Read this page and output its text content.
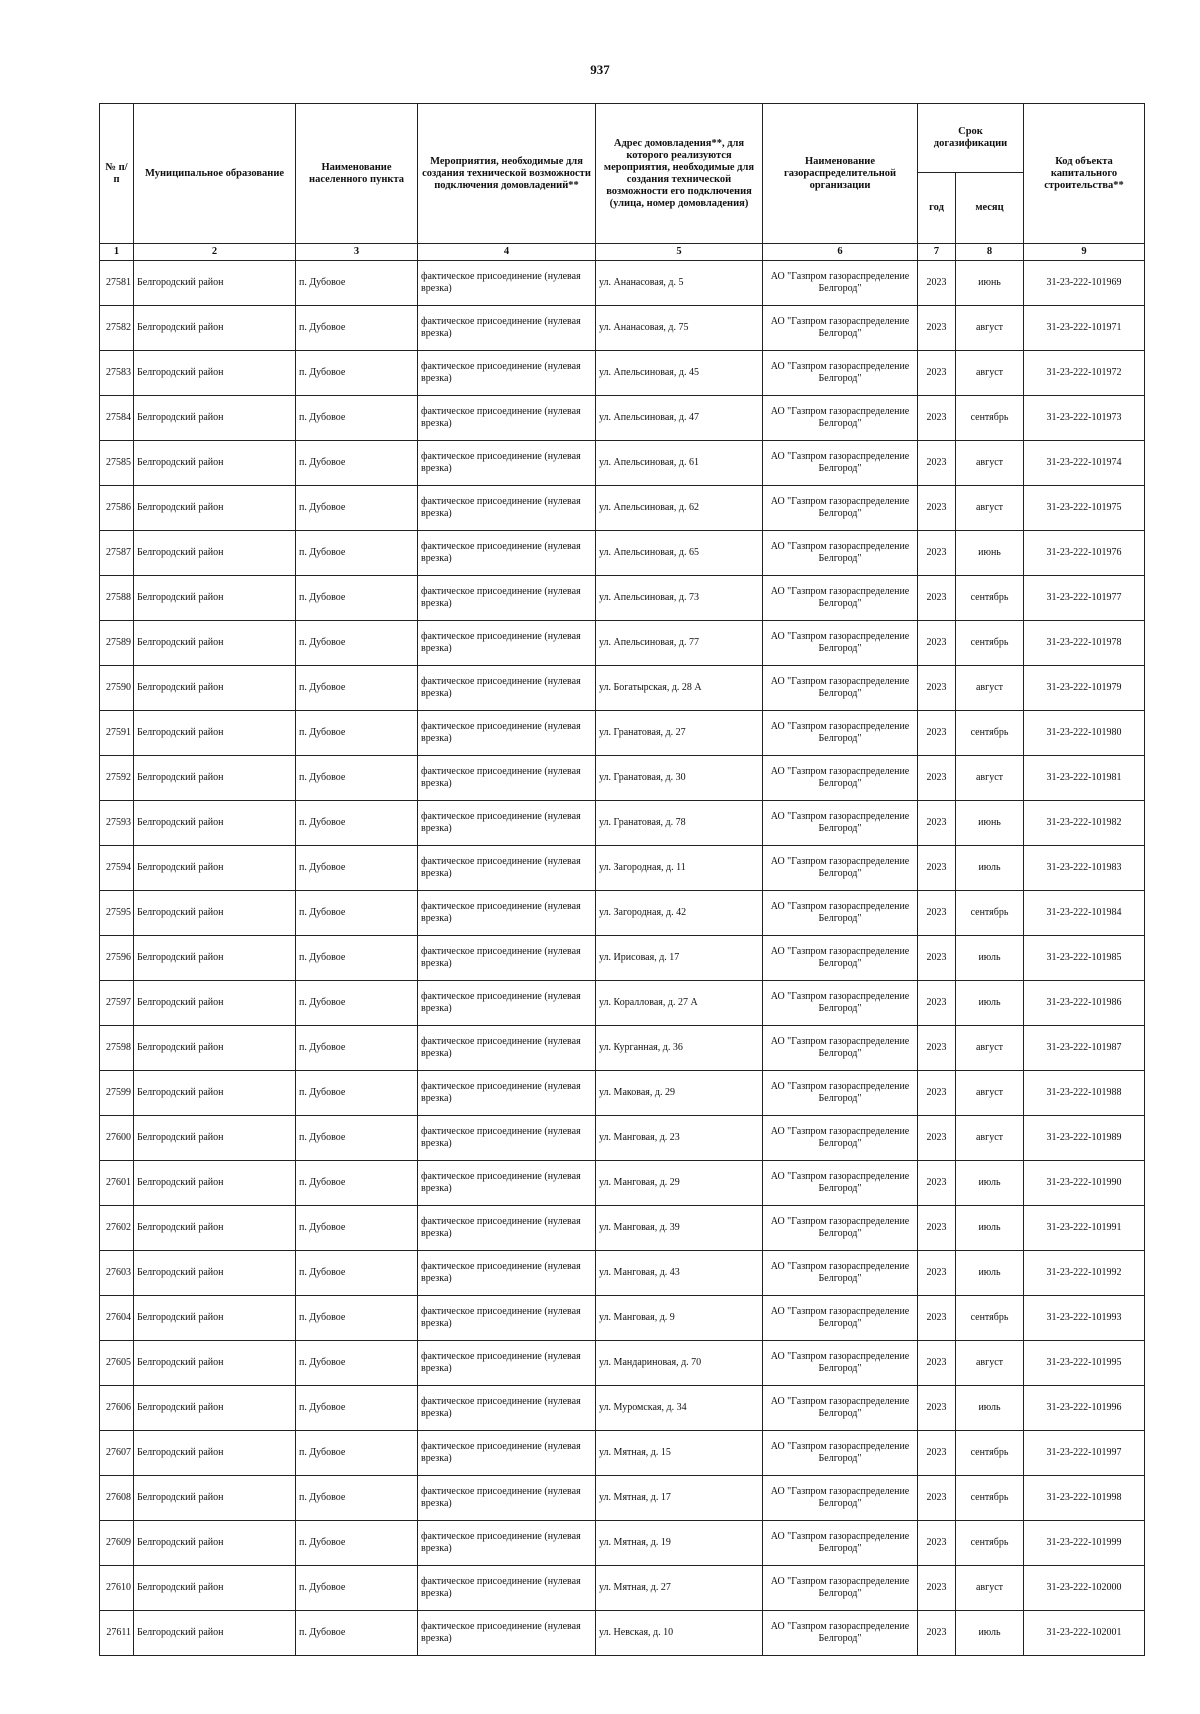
937
№ п/п	Муниципальное образование	Наименование населенного пункта	Мероприятия, необходимые для создания технической возможности подключения домовладений**	Адрес домовладения**, для которого реализуются мероприятия, необходимые для создания технической возможности его подключения (улица, номер домовладения)	Наименование газораспределительной организации	Срок догазификации		Код объекта капитального строительства**
						год	месяц	
1	2	3	4	5	6	7	8	9
27581	Белгородский район	п. Дубовое	фактическое присоединение (нулевая врезка)	ул. Ананасовая, д. 5	АО "Газпром газораспределение Белгород"	2023	июнь	31-23-222-101969
27582	Белгородский район	п. Дубовое	фактическое присоединение (нулевая врезка)	ул. Ананасовая, д. 75	АО "Газпром газораспределение Белгород"	2023	август	31-23-222-101971
27583	Белгородский район	п. Дубовое	фактическое присоединение (нулевая врезка)	ул. Апельсиновая, д. 45	АО "Газпром газораспределение Белгород"	2023	август	31-23-222-101972
27584	Белгородский район	п. Дубовое	фактическое присоединение (нулевая врезка)	ул. Апельсиновая, д. 47	АО "Газпром газораспределение Белгород"	2023	сентябрь	31-23-222-101973
27585	Белгородский район	п. Дубовое	фактическое присоединение (нулевая врезка)	ул. Апельсиновая, д. 61	АО "Газпром газораспределение Белгород"	2023	август	31-23-222-101974
27586	Белгородский район	п. Дубовое	фактическое присоединение (нулевая врезка)	ул. Апельсиновая, д. 62	АО "Газпром газораспределение Белгород"	2023	август	31-23-222-101975
27587	Белгородский район	п. Дубовое	фактическое присоединение (нулевая врезка)	ул. Апельсиновая, д. 65	АО "Газпром газораспределение Белгород"	2023	июнь	31-23-222-101976
27588	Белгородский район	п. Дубовое	фактическое присоединение (нулевая врезка)	ул. Апельсиновая, д. 73	АО "Газпром газораспределение Белгород"	2023	сентябрь	31-23-222-101977
27589	Белгородский район	п. Дубовое	фактическое присоединение (нулевая врезка)	ул. Апельсиновая, д. 77	АО "Газпром газораспределение Белгород"	2023	сентябрь	31-23-222-101978
27590	Белгородский район	п. Дубовое	фактическое присоединение (нулевая врезка)	ул. Богатырская, д. 28 А	АО "Газпром газораспределение Белгород"	2023	август	31-23-222-101979
27591	Белгородский район	п. Дубовое	фактическое присоединение (нулевая врезка)	ул. Гранатовая, д. 27	АО "Газпром газораспределение Белгород"	2023	сентябрь	31-23-222-101980
27592	Белгородский район	п. Дубовое	фактическое присоединение (нулевая врезка)	ул. Гранатовая, д. 30	АО "Газпром газораспределение Белгород"	2023	август	31-23-222-101981
27593	Белгородский район	п. Дубовое	фактическое присоединение (нулевая врезка)	ул. Гранатовая, д. 78	АО "Газпром газораспределение Белгород"	2023	июнь	31-23-222-101982
27594	Белгородский район	п. Дубовое	фактическое присоединение (нулевая врезка)	ул. Загородная, д. 11	АО "Газпром газораспределение Белгород"	2023	июль	31-23-222-101983
27595	Белгородский район	п. Дубовое	фактическое присоединение (нулевая врезка)	ул. Загородная, д. 42	АО "Газпром газораспределение Белгород"	2023	сентябрь	31-23-222-101984
27596	Белгородский район	п. Дубовое	фактическое присоединение (нулевая врезка)	ул. Ирисовая, д. 17	АО "Газпром газораспределение Белгород"	2023	июль	31-23-222-101985
27597	Белгородский район	п. Дубовое	фактическое присоединение (нулевая врезка)	ул. Коралловая, д. 27 А	АО "Газпром газораспределение Белгород"	2023	июль	31-23-222-101986
27598	Белгородский район	п. Дубовое	фактическое присоединение (нулевая врезка)	ул. Курганная, д. 36	АО "Газпром газораспределение Белгород"	2023	август	31-23-222-101987
27599	Белгородский район	п. Дубовое	фактическое присоединение (нулевая врезка)	ул. Маковая, д. 29	АО "Газпром газораспределение Белгород"	2023	август	31-23-222-101988
27600	Белгородский район	п. Дубовое	фактическое присоединение (нулевая врезка)	ул. Манговая, д. 23	АО "Газпром газораспределение Белгород"	2023	август	31-23-222-101989
27601	Белгородский район	п. Дубовое	фактическое присоединение (нулевая врезка)	ул. Манговая, д. 29	АО "Газпром газораспределение Белгород"	2023	июль	31-23-222-101990
27602	Белгородский район	п. Дубовое	фактическое присоединение (нулевая врезка)	ул. Манговая, д. 39	АО "Газпром газораспределение Белгород"	2023	июль	31-23-222-101991
27603	Белгородский район	п. Дубовое	фактическое присоединение (нулевая врезка)	ул. Манговая, д. 43	АО "Газпром газораспределение Белгород"	2023	июль	31-23-222-101992
27604	Белгородский район	п. Дубовое	фактическое присоединение (нулевая врезка)	ул. Манговая, д. 9	АО "Газпром газораспределение Белгород"	2023	сентябрь	31-23-222-101993
27605	Белгородский район	п. Дубовое	фактическое присоединение (нулевая врезка)	ул. Мандариновая, д. 70	АО "Газпром газораспределение Белгород"	2023	август	31-23-222-101995
27606	Белгородский район	п. Дубовое	фактическое присоединение (нулевая врезка)	ул. Муромская, д. 34	АО "Газпром газораспределение Белгород"	2023	июль	31-23-222-101996
27607	Белгородский район	п. Дубовое	фактическое присоединение (нулевая врезка)	ул. Мятная, д. 15	АО "Газпром газораспределение Белгород"	2023	сентябрь	31-23-222-101997
27608	Белгородский район	п. Дубовое	фактическое присоединение (нулевая врезка)	ул. Мятная, д. 17	АО "Газпром газораспределение Белгород"	2023	сентябрь	31-23-222-101998
27609	Белгородский район	п. Дубовое	фактическое присоединение (нулевая врезка)	ул. Мятная, д. 19	АО "Газпром газораспределение Белгород"	2023	сентябрь	31-23-222-101999
27610	Белгородский район	п. Дубовое	фактическое присоединение (нулевая врезка)	ул. Мятная, д. 27	АО "Газпром газораспределение Белгород"	2023	август	31-23-222-102000
27611	Белгородский район	п. Дубовое	фактическое присоединение (нулевая врезка)	ул. Невская, д. 10	АО "Газпром газораспределение Белгород"	2023	июль	31-23-222-102001
